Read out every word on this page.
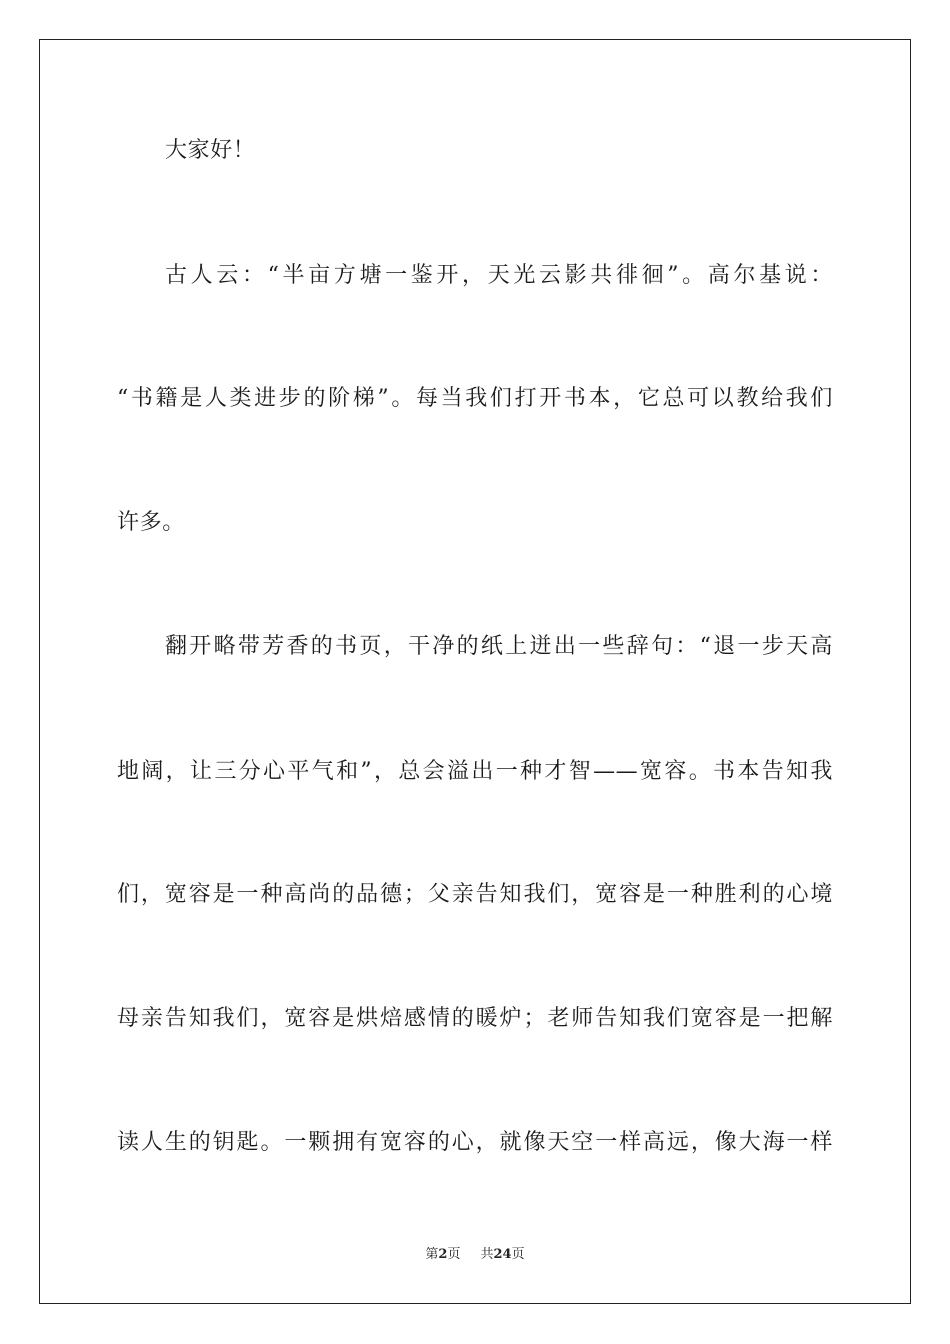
大家好！
古人云：“半亩方塘一鉴开，天光云影共徘徊”。高尔基说：
“书籍是人类进步的阶梯”。每当我们打开书本，它总可以教给我们
许多。
翻开略带芳香的书页，干净的纸上迸出一些辞句：“退一步天高
地阔，让三分心平气和”，总会溢出一种才智——宽容。书本告知我
们，宽容是一种高尚的品德；父亲告知我们，宽容是一种胜利的心境
母亲告知我们，宽容是烘焙感情的暖炉；老师告知我们宽容是一把解
读人生的钥匙。一颗拥有宽容的心，就像天空一样高远，像大海一样
第2页 共24页
